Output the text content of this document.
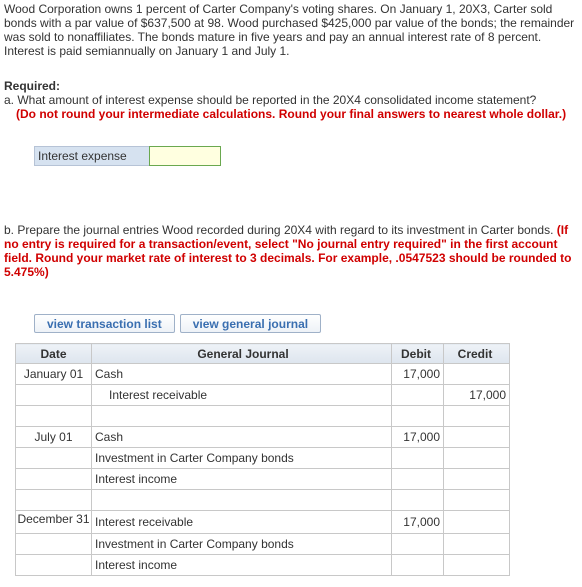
Wood Corporation owns 1 percent of Carter Company's voting shares. On January 1, 20X3, Carter sold bonds with a par value of $637,500 at 98. Wood purchased $425,000 par value of the bonds; the remainder was sold to nonaffiliates. The bonds mature in five years and pay an annual interest rate of 8 percent. Interest is paid semiannually on January 1 and July 1.

Required:
a. What amount of interest expense should be reported in the 20X4 consolidated income statement?
(Do not round your intermediate calculations. Round your final answers to nearest whole dollar.)
Interest expense
b. Prepare the journal entries Wood recorded during 20X4 with regard to its investment in Carter bonds. (If no entry is required for a transaction/event, select "No journal entry required" in the first account field. Round your market rate of interest to 3 decimals. For example, .0547523 should be rounded to 5.475%)
view transaction list	view general journal
Date	General Journal	Debit	Credit
January 01	Cash	17,000	
	Interest receivable		17,000

July 01	Cash	17,000	
	Investment in Carter Company bonds		
	Interest income		

December 31	Interest receivable	17,000	
	Investment in Carter Company bonds		
	Interest income		
